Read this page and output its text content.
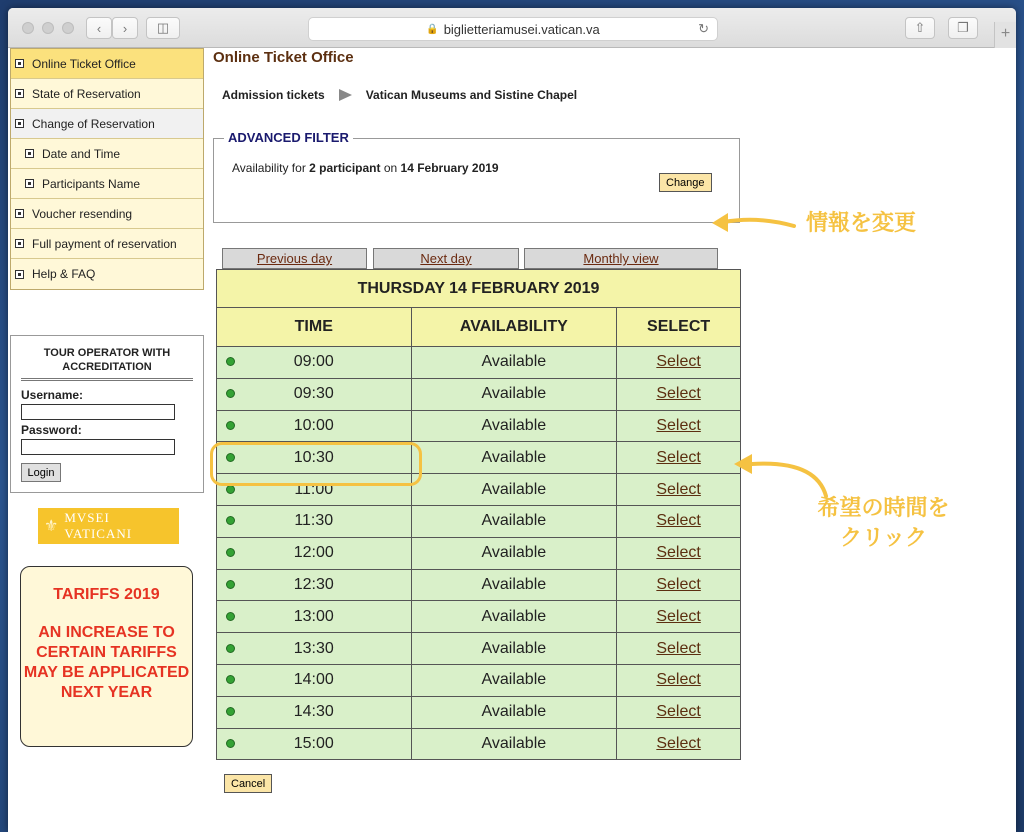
‹	›	◫	🔒 biglietteriamusei.vatican.va	↻	⇧	❐	+
Online Ticket Office
State of Reservation
Change of Reservation
Date and Time
Participants Name
Voucher resending
Full payment of reservation
Help & FAQ
TOUR OPERATOR WITH ACCREDITATION
Username:
Password:
Login
⚜
MVSEI VATICANI
TARIFFS 2019
AN INCREASE TO CERTAIN TARIFFS MAY BE APPLICATED NEXT YEAR
Online Ticket Office
Admission tickets	Vatican Museums and Sistine Chapel
ADVANCED FILTER
Availability for 2 participant on 14 February 2019
Change
Previous day	Next day	Monthly view
THURSDAY 14 FEBRUARY 2019		
TIME	AVAILABILITY	SELECT

09:00	Available	Select

09:30	Available	Select

10:00	Available	Select

10:30	Available	Select

11:00	Available	Select

11:30	Available	Select

12:00	Available	Select

12:30	Available	Select

13:00	Available	Select

13:30	Available	Select

14:00	Available	Select

14:30	Available	Select

15:00	Available	Select
Cancel
情報を変更
希望の時間を
クリック
